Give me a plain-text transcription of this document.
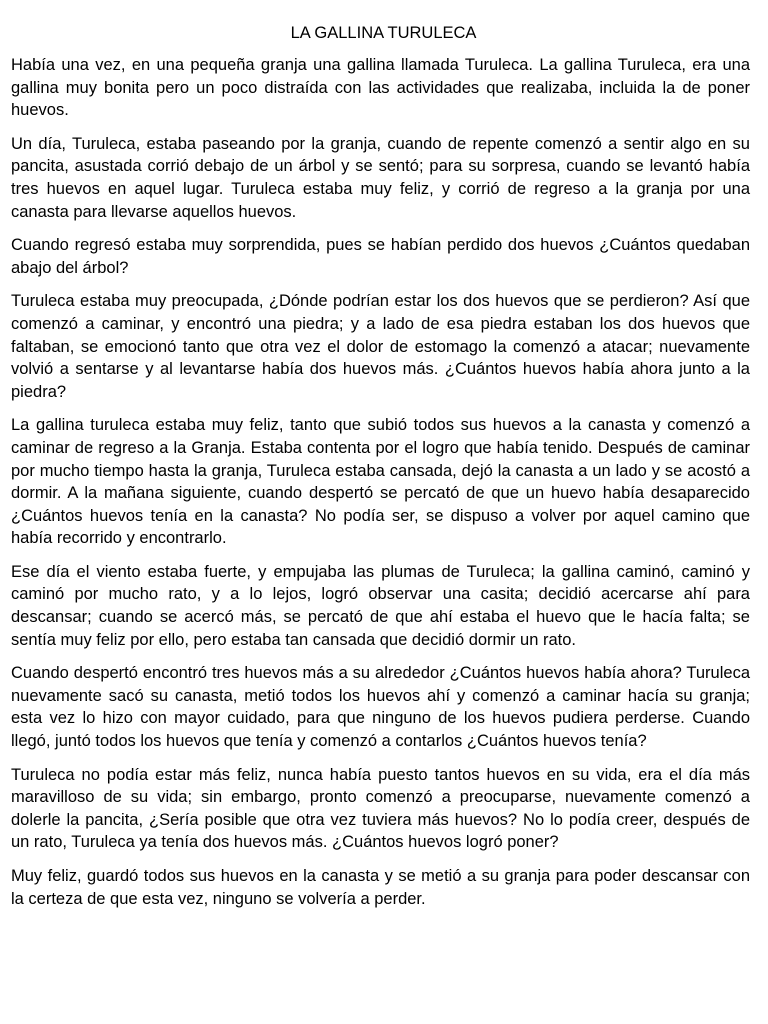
LA GALLINA TURULECA

Había una vez, en una pequeña granja una gallina llamada Turuleca. La gallina Turuleca, era una gallina muy bonita pero un poco distraída con las actividades que realizaba, incluida la de poner huevos.

Un día, Turuleca, estaba paseando por la granja, cuando de repente comenzó a sentir algo en su pancita, asustada corrió debajo de un árbol y se sentó; para su sorpresa, cuando se levantó había tres huevos en aquel lugar. Turuleca estaba muy feliz, y corrió de regreso a la granja por una canasta para llevarse aquellos huevos.

Cuando regresó estaba muy sorprendida, pues se habían perdido dos huevos ¿Cuántos quedaban abajo del árbol?

Turuleca estaba muy preocupada, ¿Dónde podrían estar los dos huevos que se perdieron? Así que comenzó a caminar, y encontró una piedra; y a lado de esa piedra estaban los dos huevos que faltaban, se emocionó tanto que otra vez el dolor de estomago la comenzó a atacar; nuevamente volvió a sentarse y al levantarse había dos huevos más. ¿Cuántos huevos había ahora junto a la piedra?

La gallina turuleca estaba muy feliz, tanto que subió todos sus huevos a la canasta y comenzó a caminar de regreso a la Granja. Estaba contenta por el logro que había tenido. Después de caminar por mucho tiempo hasta la granja, Turuleca estaba cansada, dejó la canasta a un lado y se acostó a dormir. A la mañana siguiente, cuando despertó se percató de que un huevo había desaparecido ¿Cuántos huevos tenía en la canasta? No podía ser, se dispuso a volver por aquel camino que había recorrido y encontrarlo.

Ese día el viento estaba fuerte, y empujaba las plumas de Turuleca; la gallina caminó, caminó y caminó por mucho rato, y a lo lejos, logró observar una casita; decidió acercarse ahí para descansar; cuando se acercó más, se percató de que ahí estaba el huevo que le hacía falta; se sentía muy feliz por ello, pero estaba tan cansada que decidió dormir un rato.

Cuando despertó encontró tres huevos más a su alrededor ¿Cuántos huevos había ahora? Turuleca nuevamente sacó su canasta, metió todos los huevos ahí y comenzó a caminar hacía su granja; esta vez lo hizo con mayor cuidado, para que ninguno de los huevos pudiera perderse. Cuando llegó, juntó todos los huevos que tenía y comenzó a contarlos ¿Cuántos huevos tenía?

Turuleca no podía estar más feliz, nunca había puesto tantos huevos en su vida, era el día más maravilloso de su vida; sin embargo, pronto comenzó a preocuparse, nuevamente comenzó a dolerle la pancita, ¿Sería posible que otra vez tuviera más huevos? No lo podía creer, después de un rato, Turuleca ya tenía dos huevos más. ¿Cuántos huevos logró poner?

Muy feliz, guardó todos sus huevos en la canasta y se metió a su granja para poder descansar con la certeza de que esta vez, ninguno se volvería a perder.
